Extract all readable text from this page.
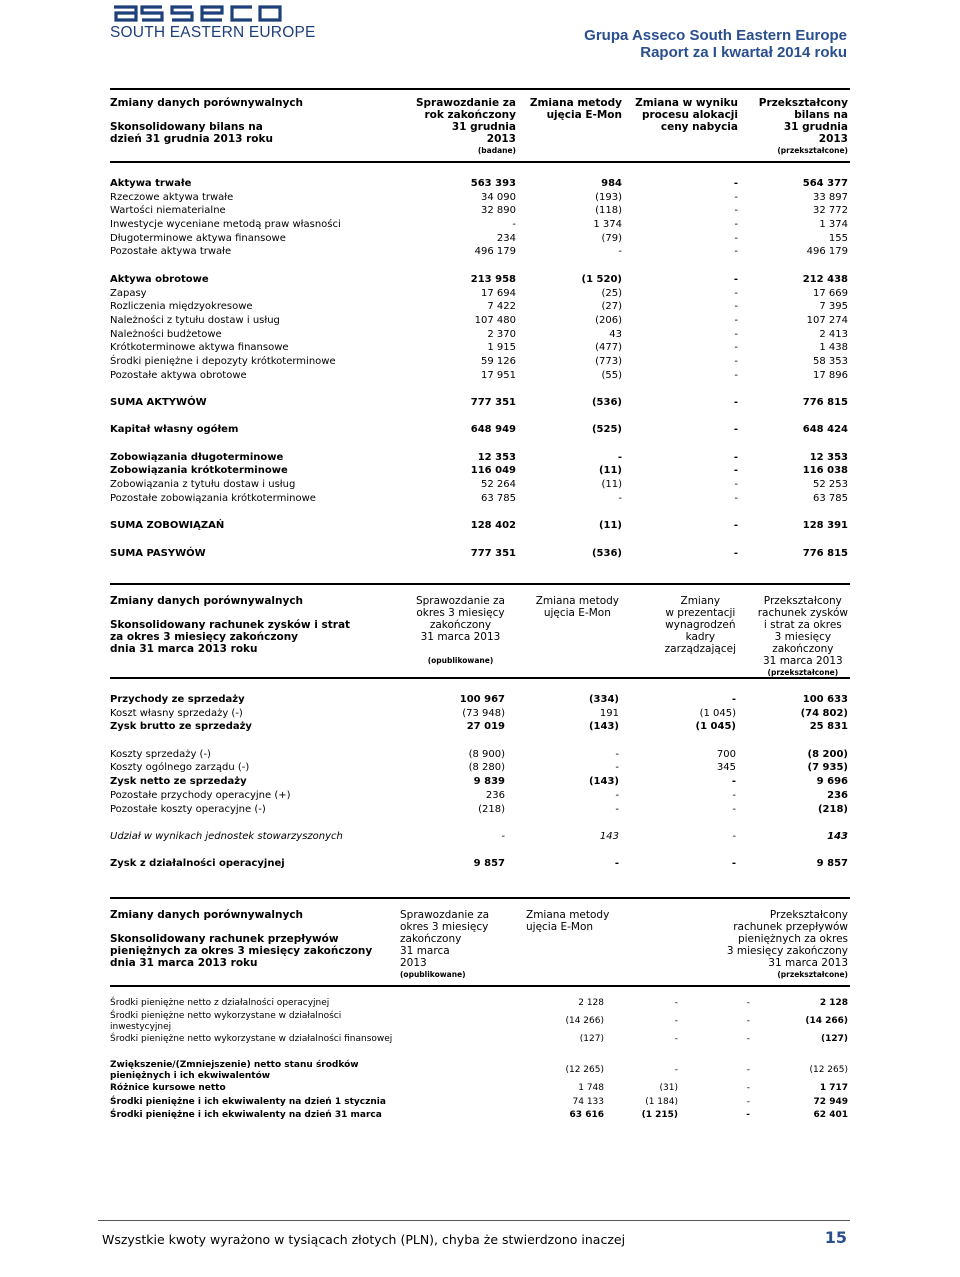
SOUTH EASTERN EUROPE	Grupa Asseco South Eastern Europe
Raport za I kwartał 2014 roku
Zmiany danych porównywalnych

Skonsolidowany bilans na
dzień 31 grudnia 2013 roku
Sprawozdanie za
rok zakończony
31 grudnia
2013
(badane)
Zmiana metody
ujęcia E-Mon
Zmiana w wyniku
procesu alokacji
ceny nabycia
Przekształcony
bilans na
31 grudnia
2013
(przekształcone)
Aktywa trwałe	563 393	984	-	564 377
Rzeczowe aktywa trwałe	34 090	(193)	-	33 897
Wartości niematerialne	32 890	(118)	-	32 772
Inwestycje wyceniane metodą praw własności	-	1 374	-	1 374
Długoterminowe aktywa finansowe	234	(79)	-	155
Pozostałe aktywa trwałe	496 179	-	-	496 179
Aktywa obrotowe	213 958	(1 520)	-	212 438
Zapasy	17 694	(25)	-	17 669
Rozliczenia międzyokresowe	7 422	(27)	-	7 395
Należności z tytułu dostaw i usług	107 480	(206)	-	107 274
Należności budżetowe	2 370	43	-	2 413
Krótkoterminowe aktywa finansowe	1 915	(477)	-	1 438
Środki pieniężne i depozyty krótkoterminowe	59 126	(773)	-	58 353
Pozostałe aktywa obrotowe	17 951	(55)	-	17 896
SUMA AKTYWÓW	777 351	(536)	-	776 815
Kapitał własny ogółem	648 949	(525)	-	648 424
Zobowiązania długoterminowe	12 353	-	-	12 353
Zobowiązania krótkoterminowe	116 049	(11)	-	116 038
Zobowiązania z tytułu dostaw i usług	52 264	(11)	-	52 253
Pozostałe zobowiązania krótkoterminowe	63 785	-	-	63 785
SUMA ZOBOWIĄZAŃ	128 402	(11)	-	128 391
SUMA PASYWÓW	777 351	(536)	-	776 815
Zmiany danych porównywalnych

Skonsolidowany rachunek zysków i strat
za okres 3 miesięcy zakończony
dnia 31 marca 2013 roku
Sprawozdanie za
okres 3 miesięcy
zakończony
31 marca 2013

(opublikowane)
Zmiana metody
ujęcia E-Mon
Zmiany
w prezentacji
wynagrodzeń
kadry
zarządzającej
Przekształcony
rachunek zysków
i strat za okres
3 miesięcy
zakończony
31 marca 2013
(przekształcone)
Przychody ze sprzedaży	100 967	(334)	-	100 633
Koszt własny sprzedaży (-)	(73 948)	191	(1 045)	(74 802)
Zysk brutto ze sprzedaży	27 019	(143)	(1 045)	25 831
Koszty sprzedaży (-)	(8 900)	-	700	(8 200)
Koszty ogólnego zarządu (-)	(8 280)	-	345	(7 935)
Zysk netto ze sprzedaży	9 839	(143)	-	9 696
Pozostałe przychody operacyjne (+)	236	-	-	236
Pozostałe koszty operacyjne (-)	(218)	-	-	(218)
Udział w wynikach jednostek stowarzyszonych	-	143	-	143
Zysk z działalności operacyjnej	9 857	-	-	9 857
Zmiany danych porównywalnych

Skonsolidowany rachunek przepływów
pieniężnych za okres 3 miesięcy zakończony
dnia 31 marca 2013 roku
Sprawozdanie za
okres 3 miesięcy
zakończony
31 marca
2013
(opublikowane)
Zmiana metody
ujęcia E-Mon
Przekształcony
rachunek przepływów
pieniężnych za okres
3 miesięcy zakończony
31 marca 2013
(przekształcone)
Środki pieniężne netto z działalności operacyjnej	2 128	-	-	2 128
Środki pieniężne netto wykorzystane w działalności
inwestycyjnej
(14 266)	-	-	(14 266)
Środki pieniężne netto wykorzystane w działalności finansowej	(127)	-	-	(127)
Zwiększenie/(Zmniejszenie) netto stanu środków
pieniężnych i ich ekwiwalentów
(12 265)	-	-	(12 265)
Różnice kursowe netto	1 748	(31)	-	1 717
Środki pieniężne i ich ekwiwalenty na dzień 1 stycznia	74 133	(1 184)	-	72 949
Środki pieniężne i ich ekwiwalenty na dzień 31 marca	63 616	(1 215)	-	62 401
Wszystkie kwoty wyrażono w tysiącach złotych (PLN), chyba że stwierdzono inaczej	15
